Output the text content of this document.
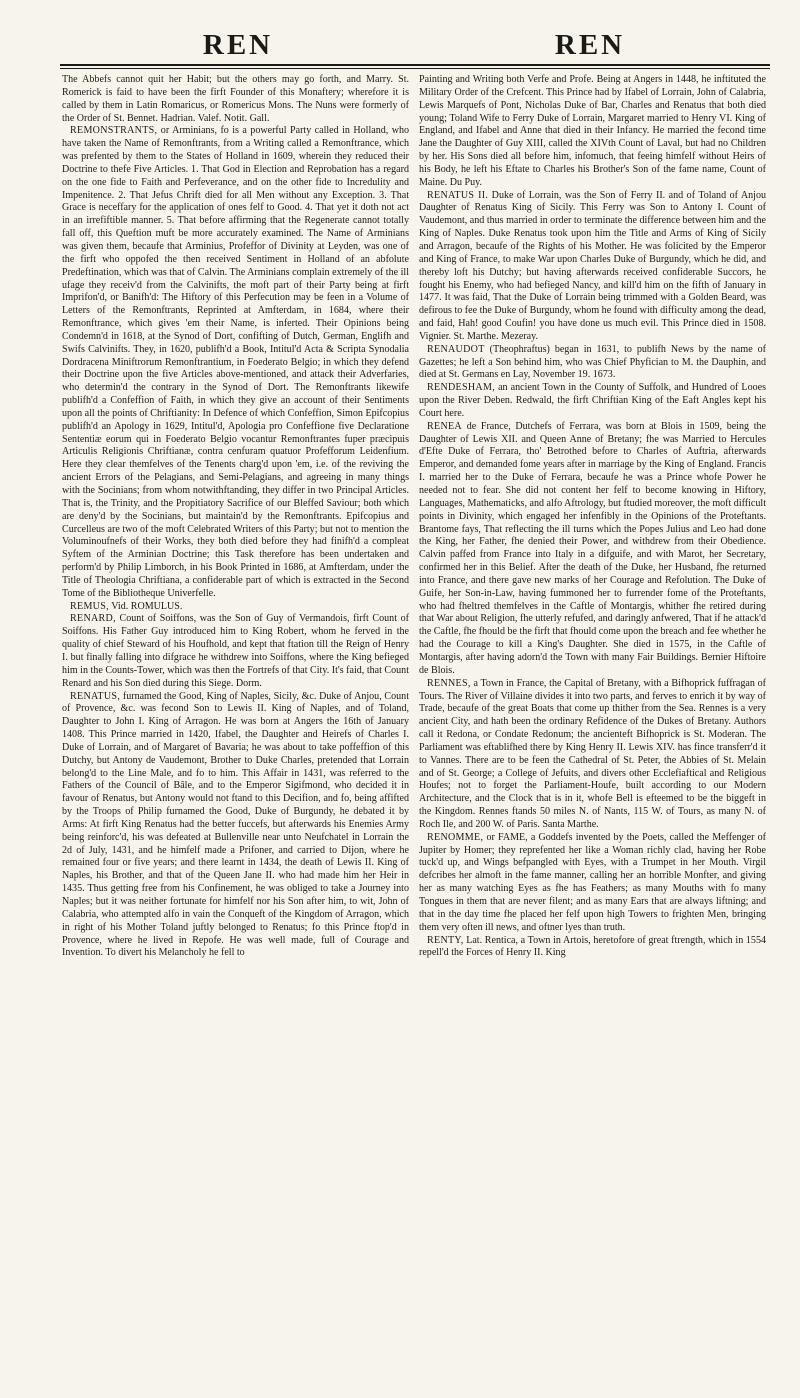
REN	REN

The Abbefs cannot quit her Habit; but the others may go forth, and Marry. St. Romerick is faid to have been the firft Founder of this Monaftery; wherefore it is called by them in Latin Romaricus, or Romericus Mons. The Nuns were formerly of the Order of St. Bennet. Hadrian. Valef. Notit. Gall.

REMONSTRANTS, or Arminians, fo is a powerful Party called in Holland, who have taken the Name of Remonftrants, from a Writing called a Remonftrance, which was prefented by them to the States of Holland in 1609, wherein they reduced their Doctrine to thefe Five Articles. 1. That God in Election and Reprobation has a regard on the one fide to Faith and Perfeverance, and on the other fide to Incredulity and Impenitence. 2. That Jefus Chrift died for all Men without any Exception. 3. That Grace is neceffary for the application of ones felf to Good. 4. That yet it doth not act in an irrefiftible manner. 5. That before affirming that the Regenerate cannot totally fall off, this Queftion muft be more accurately examined. The Name of Arminians was given them, becaufe that Arminius, Profeffor of Divinity at Leyden, was one of the firft who oppofed the then received Sentiment in Holland of an abfolute Predeftination, which was that of Calvin. The Arminians complain extremely of the ill ufage they receiv'd from the Calvinifts, the moft part of their Party being at firft Imprifon'd, or Banifh'd: The Hiftory of this Perfecution may be feen in a Volume of Letters of the Remonftrants, Reprinted at Amfterdam, in 1684, where their Remonftrance, which gives 'em their Name, is inferted. Their Opinions being Condemn'd in 1618, at the Synod of Dort, confifting of Dutch, German, Englifh and Swifs Calvinifts. They, in 1620, publifh'd a Book, Intitul'd Acta & Scripta Synodalia Dordracena Miniftrorum Remonftrantium, in Foederato Belgio; in which they defend their Doctrine upon the five Articles above-mentioned, and attack their Adverfaries, who determin'd the contrary in the Synod of Dort. The Remonftrants likewife publifh'd a Confeffion of Faith, in which they give an account of their Sentiments upon all the points of Chriftianity: In Defence of which Confeffion, Simon Epifcopius publifh'd an Apology in 1629, Intitul'd, Apologia pro Confeffione five Declaratione Sententiæ eorum qui in Foederato Belgio vocantur Remonftrantes fuper præcipuis Articulis Religionis Chriftianæ, contra cenfuram quatuor Profefforum Leidenfium. Here they clear themfelves of the Tenents charg'd upon 'em, i.e. of the reviving the ancient Errors of the Pelagians, and Semi-Pelagians, and agreeing in many things with the Socinians; from whom notwithftanding, they differ in two Principal Articles. That is, the Trinity, and the Propitiatory Sacrifice of our Bleffed Saviour; both which are deny'd by the Socinians, but maintain'd by the Remonftrants. Epifcopius and Curcelleus are two of the moft Celebrated Writers of this Party; but not to mention the Voluminoufnefs of their Works, they both died before they had finifh'd a compleat Syftem of the Arminian Doctrine; this Task therefore has been undertaken and perform'd by Philip Limborch, in his Book Printed in 1686, at Amfterdam, under the Title of Theologia Chriftiana, a confiderable part of which is extracted in the Second Tome of the Bibliotheque Univerfelle.

REMUS, Vid. ROMULUS.

RENARD, Count of Soiffons, was the Son of Guy of Vermandois, firft Count of Soiffons. His Father Guy introduced him to King Robert, whom he ferved in the quality of chief Steward of his Houfhold, and kept that ftation till the Reign of Henry I. but finally falling into difgrace he withdrew into Soiffons, where the King befieged him in the Counts-Tower, which was then the Fortrefs of that City. It's faid, that Count Renard and his Son died during this Siege. Dorm.

RENATUS, furnamed the Good, King of Naples, Sicily, &c. Duke of Anjou, Count of Provence, &c. was fecond Son to Lewis II. King of Naples, and of Toland, Daughter to John I. King of Arragon. He was born at Angers the 16th of January 1408. This Prince married in 1420, Ifabel, the Daughter and Heirefs of Charles I. Duke of Lorrain, and of Margaret of Bavaria; he was about to take poffeffion of this Dutchy, but Antony de Vaudemont, Brother to Duke Charles, pretended that Lorrain belong'd to the Line Male, and fo to him. This Affair in 1431, was referred to the Fathers of the Council of Bâle, and to the Emperor Sigifmond, who decided it in favour of Renatus, but Antony would not ftand to this Decifion, and fo, being affifted by the Troops of Philip furnamed the Good, Duke of Burgundy, he debated it by Arms: At firft King Renatus had the better fuccefs, but afterwards his Enemies Army being reinforc'd, his was defeated at Bullenville near unto Neufchatel in Lorrain the 2d of July, 1431, and he himfelf made a Prifoner, and carried to Dijon, where he remained four or five years; and there learnt in 1434, the death of Lewis II. King of Naples, his Brother, and that of the Queen Jane II. who had made him her Heir in 1435. Thus getting free from his Confinement, he was obliged to take a Journey into Naples; but it was neither fortunate for himfelf nor his Son after him, to wit, John of Calabria, who attempted alfo in vain the Conqueft of the Kingdom of Arragon, which in right of his Mother Toland juftly belonged to Renatus; fo this Prince ftop'd in Provence, where he lived in Repofe. He was well made, full of Courage and Invention. To divert his Melancholy he fell to

Painting and Writing both Verfe and Profe. Being at Angers in 1448, he inftituted the Military Order of the Crefcent. This Prince had by Ifabel of Lorrain, John of Calabria, Lewis Marquefs of Pont, Nicholas Duke of Bar, Charles and Renatus that both died young; Toland Wife to Ferry Duke of Lorrain, Margaret married to Henry VI. King of England, and Ifabel and Anne that died in their Infancy. He married the fecond time Jane the Daughter of Guy XIII, called the XIVth Count of Laval, but had no Children by her. His Sons died all before him, infomuch, that feeing himfelf without Heirs of his Body, he left his Eftate to Charles his Brother's Son of the fame name, Count of Maine. Du Puy.

RENATUS II. Duke of Lorrain, was the Son of Ferry II. and of Toland of Anjou Daughter of Renatus King of Sicily. This Ferry was Son to Antony I. Count of Vaudemont, and thus married in order to terminate the difference between him and the King of Naples. Duke Renatus took upon him the Title and Arms of King of Sicily and Arragon, becaufe of the Rights of his Mother. He was folicited by the Emperor and King of France, to make War upon Charles Duke of Burgundy, which he did, and thereby loft his Dutchy; but having afterwards received confiderable Succors, he fought his Enemy, who had befieged Nancy, and kill'd him on the fifth of January in 1477. It was faid, That the Duke of Lorrain being trimmed with a Golden Beard, was defirous to fee the Duke of Burgundy, whom he found with difficulty among the dead, and faid, Hah! good Coufin! you have done us much evil. This Prince died in 1508. Vignier. St. Marthe. Mezeray.

RENAUDOT (Theophraftus) began in 1631, to publifh News by the name of Gazettes; he left a Son behind him, who was Chief Phyfician to M. the Dauphin, and died at St. Germans en Lay, November 19. 1673.

RENDESHAM, an ancient Town in the County of Suffolk, and Hundred of Looes upon the River Deben. Redwald, the firft Chriftian King of the Eaft Angles kept his Court here.

RENEA de France, Dutchefs of Ferrara, was born at Blois in 1509, being the Daughter of Lewis XII. and Queen Anne of Bretany; fhe was Married to Hercules d'Efte Duke of Ferrara, tho' Betrothed before to Charles of Auftria, afterwards Emperor, and demanded fome years after in marriage by the King of England. Francis I. married her to the Duke of Ferrara, becaufe he was a Prince whofe Power he needed not to fear. She did not content her felf to become knowing in Hiftory, Languages, Mathematicks, and alfo Aftrology, but ftudied moreover, the moft difficult points in Divinity, which engaged her infenfibly in the Opinions of the Proteftants. Brantome fays, That reflecting the ill turns which the Popes Julius and Leo had done the King, her Father, fhe denied their Power, and withdrew from their Obedience. Calvin paffed from France into Italy in a difguife, and with Marot, her Secretary, confirmed her in this Belief. After the death of the Duke, her Husband, fhe returned into France, and there gave new marks of her Courage and Refolution. The Duke of Guife, her Son-in-Law, having fummoned her to furrender fome of the Proteftants, who had fheltred themfelves in the Caftle of Montargis, whither fhe retired during that War about Religion, fhe utterly refufed, and daringly anfwered, That if he attack'd the Caftle, fhe fhould be the firft that fhould come upon the breach and fee whether he had the Courage to kill a King's Daughter. She died in 1575, in the Caftle of Montargis, after having adorn'd the Town with many Fair Buildings. Bernier Hiftoire de Blois.

RENNES, a Town in France, the Capital of Bretany, with a Bifhoprick fuffragan of Tours. The River of Villaine divides it into two parts, and ferves to enrich it by way of Trade, becaufe of the great Boats that come up thither from the Sea. Rennes is a very ancient City, and hath been the ordinary Refidence of the Dukes of Bretany. Authors call it Redona, or Condate Redonum; the ancienteft Bifhoprick is St. Moderan. The Parliament was eftablifhed there by King Henry II. Lewis XIV. has fince transferr'd it to Vannes. There are to be feen the Cathedral of St. Peter, the Abbies of St. Melain and of St. George; a College of Jefuits, and divers other Ecclefiaftical and Religious Houfes; not to forget the Parliament-Houfe, built according to our Modern Architecture, and the Clock that is in it, whofe Bell is efteemed to be the biggeft in the Kingdom. Rennes ftands 50 miles N. of Nants, 115 W. of Tours, as many N. of Roch Ile, and 200 W. of Paris. Santa Marthe.

RENOMME, or FAME, a Goddefs invented by the Poets, called the Meffenger of Jupiter by Homer; they reprefented her like a Woman richly clad, having her Robe tuck'd up, and Wings befpangled with Eyes, with a Trumpet in her Mouth. Virgil defcribes her almoft in the fame manner, calling her an horrible Monfter, and giving her as many watching Eyes as fhe has Feathers; as many Mouths with fo many Tongues in them that are never filent; and as many Ears that are always liftning; and that in the day time fhe placed her felf upon high Towers to frighten Men, bringing them very often ill news, and oftner lyes than truth.

RENTY, Lat. Rentica, a Town in Artois, heretofore of great ftrength, which in 1554 repell'd the Forces of Henry II. King
